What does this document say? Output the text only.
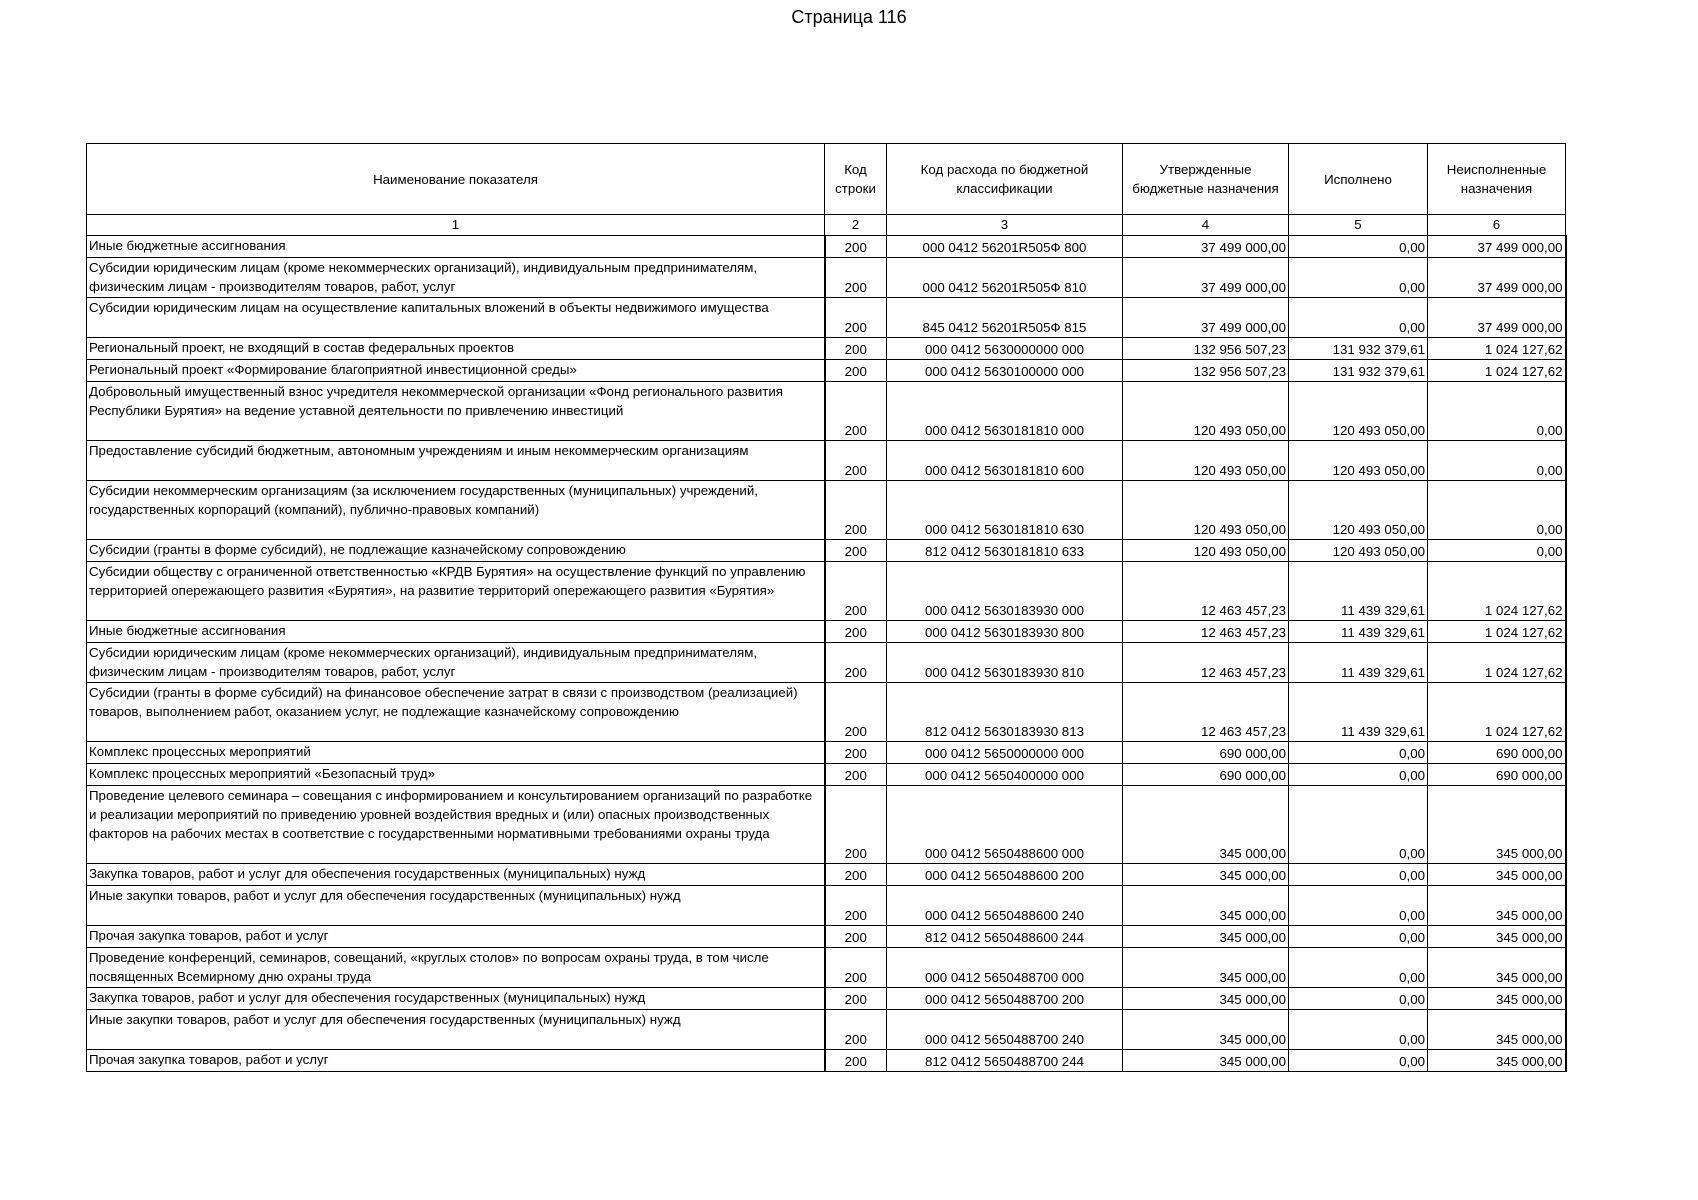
Страница 116
Наименование показателя	Код строки	Код расхода по бюджетной классификации	Утвержденные бюджетные назначения	Исполнено	Неисполненные назначения
1	2	3	4	5	6
Иные бюджетные ассигнования	200	000 0412 56201R505Ф 800	37 499 000,00	0,00	37 499 000,00
Субсидии юридическим лицам (кроме некоммерческих организаций), индивидуальным предпринимателям, физическим лицам - производителям товаров, работ, услуг	200	000 0412 56201R505Ф 810	37 499 000,00	0,00	37 499 000,00
Субсидии юридическим лицам на осуществление капитальных вложений в объекты недвижимого имущества	200	845 0412 56201R505Ф 815	37 499 000,00	0,00	37 499 000,00
Региональный проект, не входящий в состав федеральных проектов	200	000 0412 5630000000 000	132 956 507,23	131 932 379,61	1 024 127,62
Региональный проект «Формирование благоприятной инвестиционной среды»	200	000 0412 5630100000 000	132 956 507,23	131 932 379,61	1 024 127,62
Добровольный имущественный взнос учредителя некоммерческой организации «Фонд регионального развития Республики Бурятия» на ведение уставной деятельности по привлечению инвестиций	200	000 0412 5630181810 000	120 493 050,00	120 493 050,00	0,00
Предоставление субсидий бюджетным, автономным учреждениям и иным некоммерческим организациям	200	000 0412 5630181810 600	120 493 050,00	120 493 050,00	0,00
Субсидии некоммерческим организациям (за исключением государственных (муниципальных) учреждений, государственных корпораций (компаний), публично-правовых компаний)	200	000 0412 5630181810 630	120 493 050,00	120 493 050,00	0,00
Субсидии (гранты в форме субсидий), не подлежащие казначейскому сопровождению	200	812 0412 5630181810 633	120 493 050,00	120 493 050,00	0,00
Субсидии обществу с ограниченной ответственностью «КРДВ Бурятия» на осуществление функций по управлению территорией опережающего развития «Бурятия», на развитие территорий опережающего развития «Бурятия»	200	000 0412 5630183930 000	12 463 457,23	11 439 329,61	1 024 127,62
Иные бюджетные ассигнования	200	000 0412 5630183930 800	12 463 457,23	11 439 329,61	1 024 127,62
Субсидии юридическим лицам (кроме некоммерческих организаций), индивидуальным предпринимателям, физическим лицам - производителям товаров, работ, услуг	200	000 0412 5630183930 810	12 463 457,23	11 439 329,61	1 024 127,62
Субсидии (гранты в форме субсидий) на финансовое обеспечение затрат в связи с производством (реализацией) товаров, выполнением работ, оказанием услуг, не подлежащие казначейскому сопровождению	200	812 0412 5630183930 813	12 463 457,23	11 439 329,61	1 024 127,62
Комплекс процессных мероприятий	200	000 0412 5650000000 000	690 000,00	0,00	690 000,00
Комплекс процессных мероприятий «Безопасный труд»	200	000 0412 5650400000 000	690 000,00	0,00	690 000,00
Проведение целевого семинара – совещания с информированием и консультированием организаций по разработке и реализации мероприятий по приведению уровней воздействия вредных и (или) опасных производственных факторов на рабочих местах в соответствие с государственными нормативными требованиями охраны труда	200	000 0412 5650488600 000	345 000,00	0,00	345 000,00
Закупка товаров, работ и услуг для обеспечения государственных (муниципальных) нужд	200	000 0412 5650488600 200	345 000,00	0,00	345 000,00
Иные закупки товаров, работ и услуг для обеспечения государственных (муниципальных) нужд	200	000 0412 5650488600 240	345 000,00	0,00	345 000,00
Прочая закупка товаров, работ и услуг	200	812 0412 5650488600 244	345 000,00	0,00	345 000,00
Проведение конференций, семинаров, совещаний, «круглых столов» по вопросам охраны труда, в том числе посвященных Всемирному дню охраны труда	200	000 0412 5650488700 000	345 000,00	0,00	345 000,00
Закупка товаров, работ и услуг для обеспечения государственных (муниципальных) нужд	200	000 0412 5650488700 200	345 000,00	0,00	345 000,00
Иные закупки товаров, работ и услуг для обеспечения государственных (муниципальных) нужд	200	000 0412 5650488700 240	345 000,00	0,00	345 000,00
Прочая закупка товаров, работ и услуг	200	812 0412 5650488700 244	345 000,00	0,00	345 000,00
